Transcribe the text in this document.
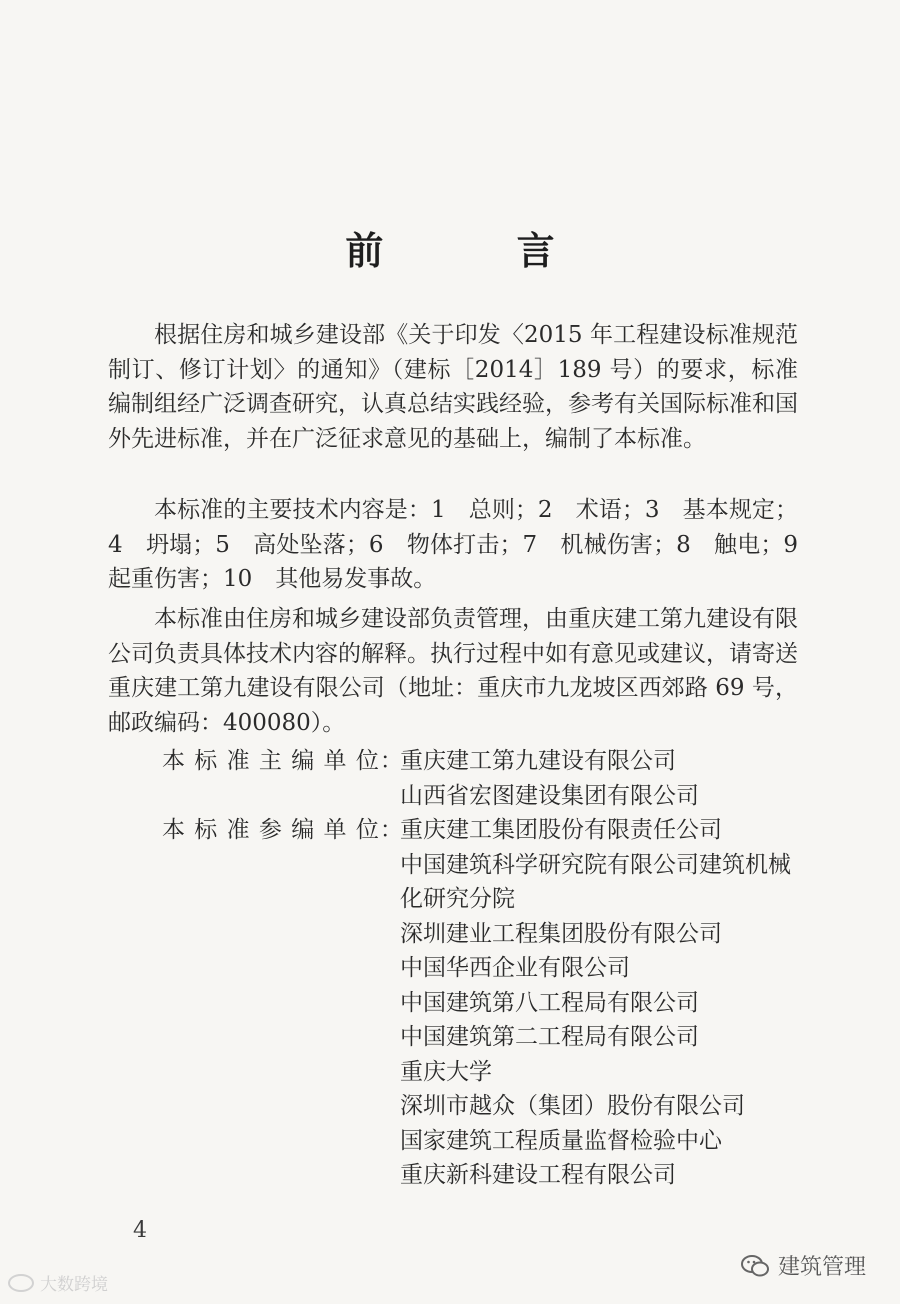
前 言

根据住房和城乡建设部《关于印发〈2015 年工程建设标准规范制订、修订计划〉的通知》（建标［2014］189 号）的要求，标准编制组经广泛调查研究，认真总结实践经验，参考有关国际标准和国外先进标准，并在广泛征求意见的基础上，编制了本标准。

本标准的主要技术内容是：1　总则；2　术语；3　基本规定；4　坍塌；5　高处坠落；6　物体打击；7　机械伤害；8　触电；9　起重伤害；10　其他易发事故。

本标准由住房和城乡建设部负责管理，由重庆建工第九建设有限公司负责具体技术内容的解释。执行过程中如有意见或建议，请寄送重庆建工第九建设有限公司（地址：重庆市九龙坡区西郊路 69 号，邮政编码：400080）。

本 标 准 主 编 单 位：
重庆建工第九建设有限公司
山西省宏图建设集团有限公司
本 标 准 参 编 单 位：
重庆建工集团股份有限责任公司
中国建筑科学研究院有限公司建筑机械化研究分院
深圳建业工程集团股份有限公司
中国华西企业有限公司
中国建筑第八工程局有限公司
中国建筑第二工程局有限公司
重庆大学
深圳市越众（集团）股份有限公司
国家建筑工程质量监督检验中心
重庆新科建设工程有限公司
4
大数跨境
建筑管理
